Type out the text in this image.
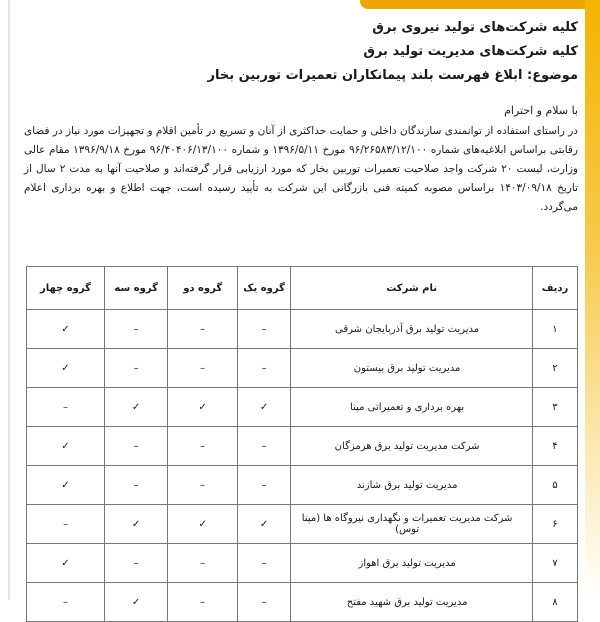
کلیه شرکت‌های تولید نیروی برق
کلیه شرکت‌های مدیریت تولید برق
موضوع: ابلاغ فهرست بلند پیمانکاران تعمیرات توربین بخار
با سلام و احترام
در راستای استفاده از توانمندی سازندگان داخلی و حمایت حداکثری از آنان و تسریع در تأمین اقلام و تجهیزات مورد نیاز در فضای رقابتی براساس ابلاغیه‌های شماره ۹۶/۲۶۵۸۳/۱۲/۱۰۰ مورخ ۱۳۹۶/۵/۱۱ و شماره ۹۶/۴۰۴۰۶/۱۳/۱۰۰ مورخ ۱۳۹۶/۹/۱۸ مقام عالی وزارت، لیست ۲۰ شرکت واجد صلاحیت تعمیرات توربین بخار که مورد ارزیابی قرار گرفته‌اند و صلاحیت آنها به مدت ۲ سال از تاریخ ۱۴۰۳/۰۹/۱۸ براساس مصوبه کمیته فنی بازرگانی این شرکت به تأیید رسیده است، جهت اطلاع و بهره برداری اعلام می‌گردد.
ردیف	نام شرکت	گروه یک	گروه دو	گروه سه	گروه چهار
۱	مدیریت تولید برق آذربایجان شرقی	–	–	–	✓
۲	مدیریت تولید برق بیستون	–	–	–	✓
۳	بهره برداری و تعمیراتی مپنا	✓	✓	✓	–
۴	شرکت مدیریت تولید برق هرمزگان	–	–	–	✓
۵	مدیریت تولید برق شازند	–	–	–	✓
۶	شرکت مدیریت تعمیرات و نگهداری نیروگاه ها (مپنا توس)	✓	✓	✓	–
۷	مدیریت تولید برق اهواز	–	–	–	✓
۸	مدیریت تولید برق شهید مفتح	–	–	✓	–
